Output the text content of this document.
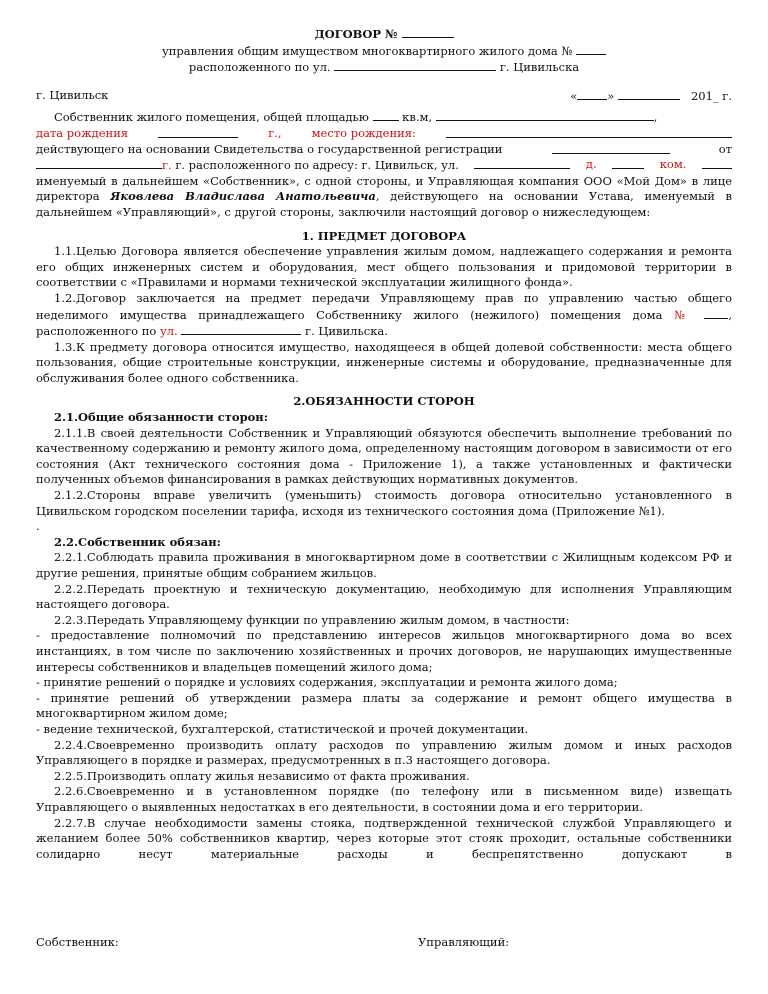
ДОГОВОР №
управления общим имуществом многоквартирного жилого дома №
расположенного по ул.	г. Цивильска
г. Цивильск	«	»	201_ г.
Собственник жилого помещения, общей площадью	кв.м,	,
дата рождения	г.,	место рождения:
действующего на основании Свидетельства о государственной регистрации	от
г. г. расположенного по адресу: г. Цивильск, ул.	д.	ком.

именуемый в дальнейшем «Собственник», с одной стороны, и Управляющая компания ООО «Мой Дом» в лице директора Яковлева Владислава Анатольевича, действующего на основании Устава, именуемый в дальнейшем «Управляющий», с другой стороны, заключили настоящий договор о нижеследующем:

1. ПРЕДМЕТ ДОГОВОРА

1.1.Целью Договора является обеспечение управления жилым домом, надлежащего содержания и ремонта его общих инженерных систем и оборудования, мест общего пользования и придомовой территории в соответствии с «Правилами и нормами технической эксплуатации жилищного фонда».

1.2.Договор заключается на предмет передачи Управляющему прав по управлению частью общего неделимого имущества принадлежащего Собственнику жилого (нежилого) помещения дома №	, расположенного по ул.	г. Цивильска.

1.3.К предмету договора относится имущество, находящееся в общей долевой собственности: места общего пользования, общие строительные конструкции, инженерные системы и оборудование, предназначенные для обслуживания более одного собственника.

2.ОБЯЗАННОСТИ СТОРОН
2.1.Общие обязанности сторон:

2.1.1.В своей деятельности Собственник и Управляющий обязуются обеспечить выполнение требований по качественному содержанию и ремонту жилого дома, определенному настоящим договором в зависимости от его состояния (Акт технического состояния дома - Приложение 1), а также установленных и фактически полученных объемов финансирования в рамках действующих нормативных документов.

2.1.2.Стороны вправе увеличить (уменьшить) стоимость договора относительно установленного в Цивильском городском поселении тарифа, исходя из технического состояния дома (Приложение №1).

.
2.2.Собственник обязан:

2.2.1.Соблюдать правила проживания в многоквартирном доме в соответствии с Жилищным кодексом РФ и другие решения, принятые общим собранием жильцов.

2.2.2.Передать проектную и техническую документацию, необходимую для исполнения Управляющим настоящего договора.

2.2.3.Передать Управляющему функции по управлению жилым домом, в частности:

- предоставление полномочий по представлению интересов жильцов многоквартирного дома во всех инстанциях, в том числе по заключению хозяйственных и прочих договоров, не нарушающих имущественные интересы собственников и владельцев помещений жилого дома;

- принятие решений о порядке и условиях содержания, эксплуатации и ремонта жилого дома;

- принятие решений об утверждении размера платы за содержание и ремонт общего имущества в многоквартирном жилом доме;

- ведение технической, бухгалтерской, статистической и прочей документации.

2.2.4.Своевременно производить оплату расходов по управлению жилым домом и иных расходов Управляющего в порядке и размерах, предусмотренных в п.3 настоящего договора.

2.2.5.Производить оплату жилья независимо от факта проживания.

2.2.6.Своевременно и в установленном порядке (по телефону или в письменном виде) извещать Управляющего о выявленных недостатках в его деятельности, в состоянии дома и его территории.

2.2.7.В случае необходимости замены стояка, подтвержденной технической службой Управляющего и желанием более 50% собственников квартир, через которые этот стояк проходит, остальные собственники солидарно несут материальные расходы и беспрепятственно допускают в

Собственник:	Управляющий:
